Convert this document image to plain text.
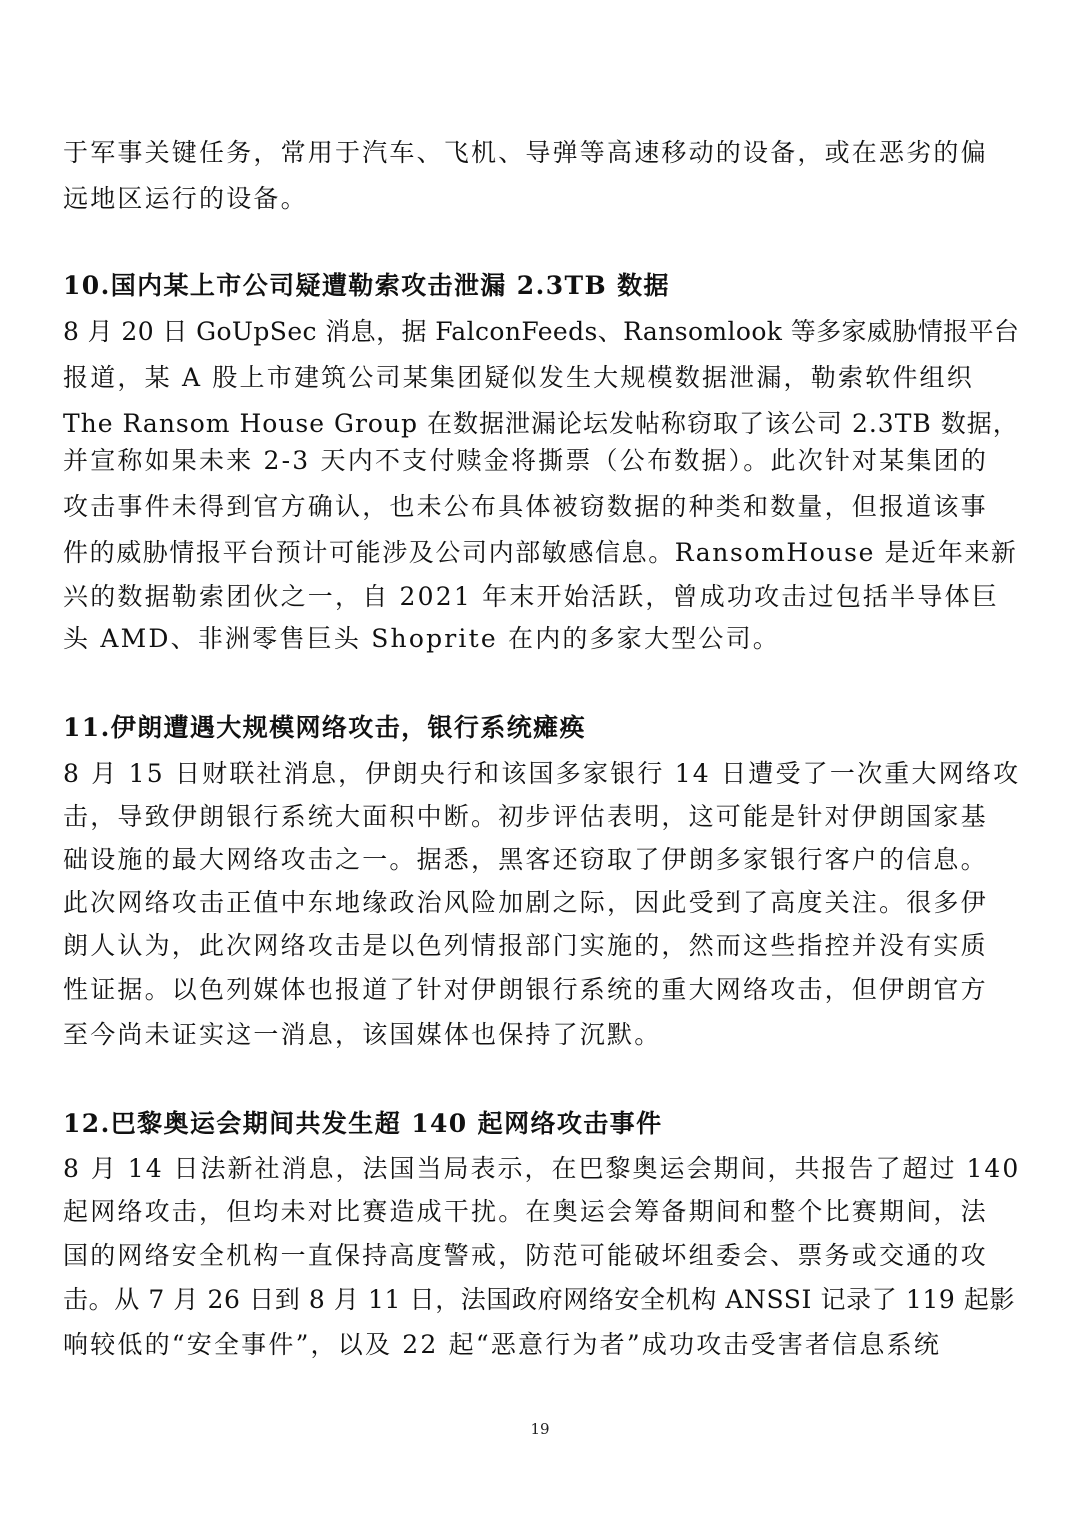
于军事关键任务，常用于汽车、飞机、导弹等高速移动的设备，或在恶劣的偏
远地区运行的设备。
10.国内某上市公司疑遭勒索攻击泄漏 2.3TB 数据
8 月 20 日 GoUpSec 消息，据 FalconFeeds、Ransomlook 等多家威胁情报平台
报道，某 A 股上市建筑公司某集团疑似发生大规模数据泄漏，勒索软件组织
The Ransom House Group 在数据泄漏论坛发帖称窃取了该公司 2.3TB 数据，
并宣称如果未来 2-3 天内不支付赎金将撕票（公布数据）。此次针对某集团的
攻击事件未得到官方确认，也未公布具体被窃数据的种类和数量，但报道该事
件的威胁情报平台预计可能涉及公司内部敏感信息。RansomHouse 是近年来新
兴的数据勒索团伙之一，自 2021 年末开始活跃，曾成功攻击过包括半导体巨
头 AMD、非洲零售巨头 Shoprite 在内的多家大型公司。
11.伊朗遭遇大规模网络攻击，银行系统瘫痪
8 月 15 日财联社消息，伊朗央行和该国多家银行 14 日遭受了一次重大网络攻
击，导致伊朗银行系统大面积中断。初步评估表明，这可能是针对伊朗国家基
础设施的最大网络攻击之一。据悉，黑客还窃取了伊朗多家银行客户的信息。
此次网络攻击正值中东地缘政治风险加剧之际，因此受到了高度关注。很多伊
朗人认为，此次网络攻击是以色列情报部门实施的，然而这些指控并没有实质
性证据。以色列媒体也报道了针对伊朗银行系统的重大网络攻击，但伊朗官方
至今尚未证实这一消息，该国媒体也保持了沉默。
12.巴黎奥运会期间共发生超 140 起网络攻击事件
8 月 14 日法新社消息，法国当局表示，在巴黎奥运会期间，共报告了超过 140
起网络攻击，但均未对比赛造成干扰。在奥运会筹备期间和整个比赛期间，法
国的网络安全机构一直保持高度警戒，防范可能破坏组委会、票务或交通的攻
击。从 7 月 26 日到 8 月 11 日，法国政府网络安全机构 ANSSI 记录了 119 起影
响较低的“安全事件”，以及 22 起“恶意行为者”成功攻击受害者信息系统
19
